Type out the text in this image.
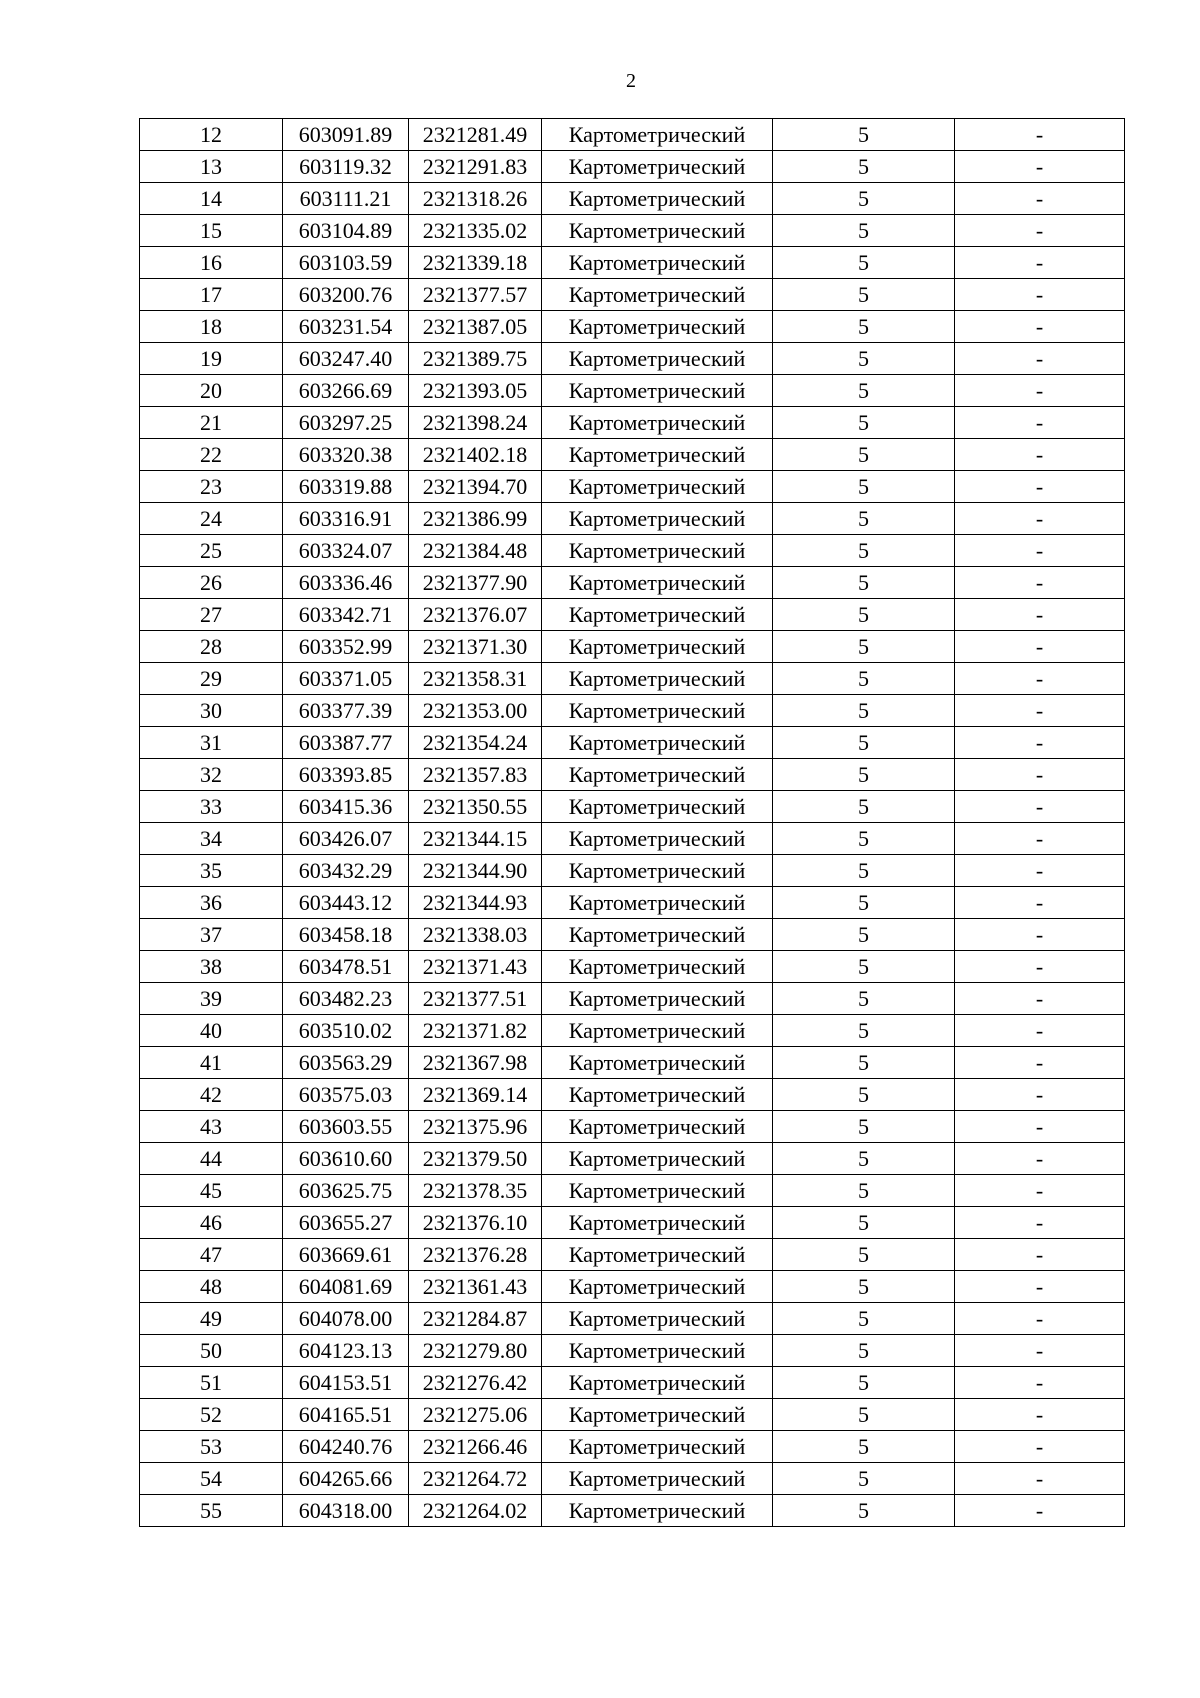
2
12	603091.89	2321281.49	Картометрический	5	-
13	603119.32	2321291.83	Картометрический	5	-
14	603111.21	2321318.26	Картометрический	5	-
15	603104.89	2321335.02	Картометрический	5	-
16	603103.59	2321339.18	Картометрический	5	-
17	603200.76	2321377.57	Картометрический	5	-
18	603231.54	2321387.05	Картометрический	5	-
19	603247.40	2321389.75	Картометрический	5	-
20	603266.69	2321393.05	Картометрический	5	-
21	603297.25	2321398.24	Картометрический	5	-
22	603320.38	2321402.18	Картометрический	5	-
23	603319.88	2321394.70	Картометрический	5	-
24	603316.91	2321386.99	Картометрический	5	-
25	603324.07	2321384.48	Картометрический	5	-
26	603336.46	2321377.90	Картометрический	5	-
27	603342.71	2321376.07	Картометрический	5	-
28	603352.99	2321371.30	Картометрический	5	-
29	603371.05	2321358.31	Картометрический	5	-
30	603377.39	2321353.00	Картометрический	5	-
31	603387.77	2321354.24	Картометрический	5	-
32	603393.85	2321357.83	Картометрический	5	-
33	603415.36	2321350.55	Картометрический	5	-
34	603426.07	2321344.15	Картометрический	5	-
35	603432.29	2321344.90	Картометрический	5	-
36	603443.12	2321344.93	Картометрический	5	-
37	603458.18	2321338.03	Картометрический	5	-
38	603478.51	2321371.43	Картометрический	5	-
39	603482.23	2321377.51	Картометрический	5	-
40	603510.02	2321371.82	Картометрический	5	-
41	603563.29	2321367.98	Картометрический	5	-
42	603575.03	2321369.14	Картометрический	5	-
43	603603.55	2321375.96	Картометрический	5	-
44	603610.60	2321379.50	Картометрический	5	-
45	603625.75	2321378.35	Картометрический	5	-
46	603655.27	2321376.10	Картометрический	5	-
47	603669.61	2321376.28	Картометрический	5	-
48	604081.69	2321361.43	Картометрический	5	-
49	604078.00	2321284.87	Картометрический	5	-
50	604123.13	2321279.80	Картометрический	5	-
51	604153.51	2321276.42	Картометрический	5	-
52	604165.51	2321275.06	Картометрический	5	-
53	604240.76	2321266.46	Картометрический	5	-
54	604265.66	2321264.72	Картометрический	5	-
55	604318.00	2321264.02	Картометрический	5	-
